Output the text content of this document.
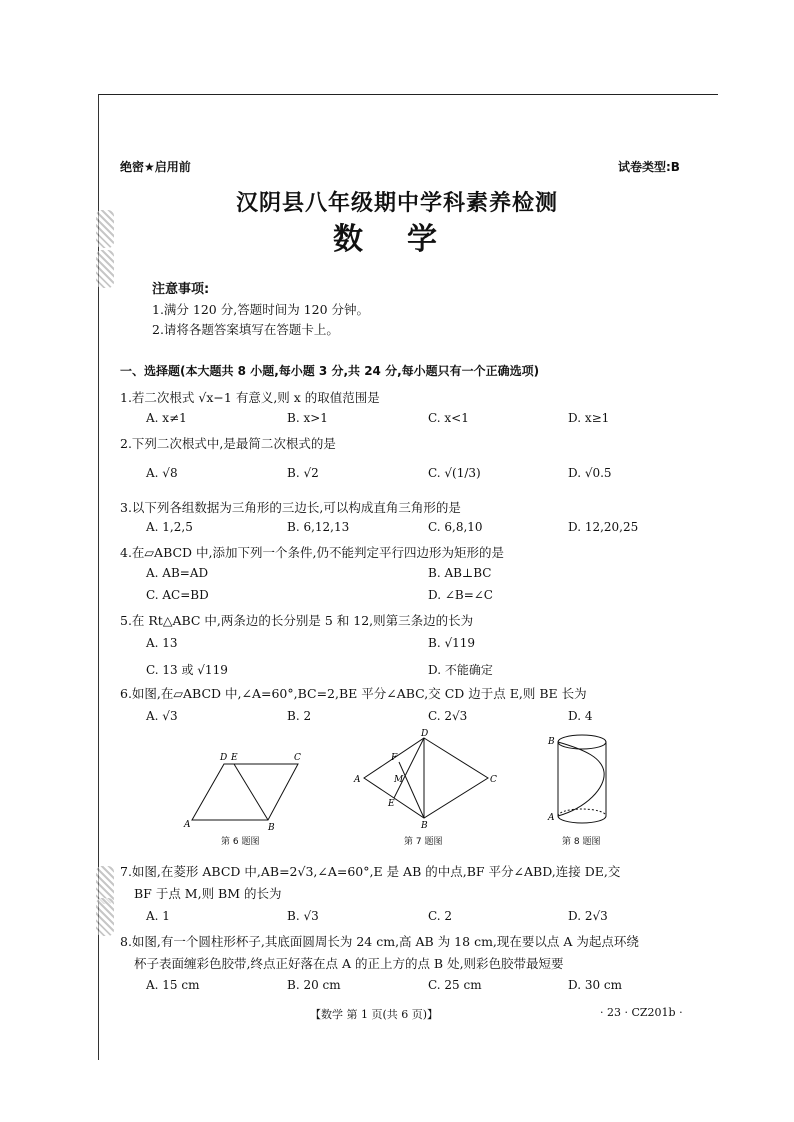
绝密★启用前	试卷类型:B
汉阴县八年级期中学科素养检测
数学
注意事项:
1.满分 120 分,答题时间为 120 分钟。
2.请将各题答案填写在答题卡上。
一、选择题(本大题共 8 小题,每小题 3 分,共 24 分,每小题只有一个正确选项)
1.若二次根式 √x−1 有意义,则 x 的取值范围是
A. x≠1	B. x>1	C. x<1	D. x≥1
2.下列二次根式中,是最简二次根式的是
A. √8	B. √2	C. √(1/3)	D. √0.5
3.以下列各组数据为三角形的三边长,可以构成直角三角形的是
A. 1,2,5	B. 6,12,13	C. 6,8,10	D. 12,20,25
4.在▱ABCD 中,添加下列一个条件,仍不能判定平行四边形为矩形的是
A. AB=AD	B. AB⊥BC
C. AC=BD	D. ∠B=∠C
5.在 Rt△ABC 中,两条边的长分别是 5 和 12,则第三条边的长为
A. 13	B. √119
C. 13 或 √119	D. 不能确定
6.如图,在▱ABCD 中,∠A=60°,BC=2,BE 平分∠ABC,交 CD 边于点 E,则 BE 长为
A. √3	B. 2	C. 2√3	D. 4
D E	C
A	B
第 6 题图
D
F
M
A	C
E
B
第 7 题图
B
A
第 8 题图
7.如图,在菱形 ABCD 中,AB=2√3,∠A=60°,E 是 AB 的中点,BF 平分∠ABD,连接 DE,交
BF 于点 M,则 BM 的长为
A. 1	B. √3	C. 2	D. 2√3
8.如图,有一个圆柱形杯子,其底面圆周长为 24 cm,高 AB 为 18 cm,现在要以点 A 为起点环绕
杯子表面缠彩色胶带,终点正好落在点 A 的正上方的点 B 处,则彩色胶带最短要
A. 15 cm	B. 20 cm	C. 25 cm	D. 30 cm
【数学 第 1 页(共 6 页)】	· 23 · CZ201b ·
